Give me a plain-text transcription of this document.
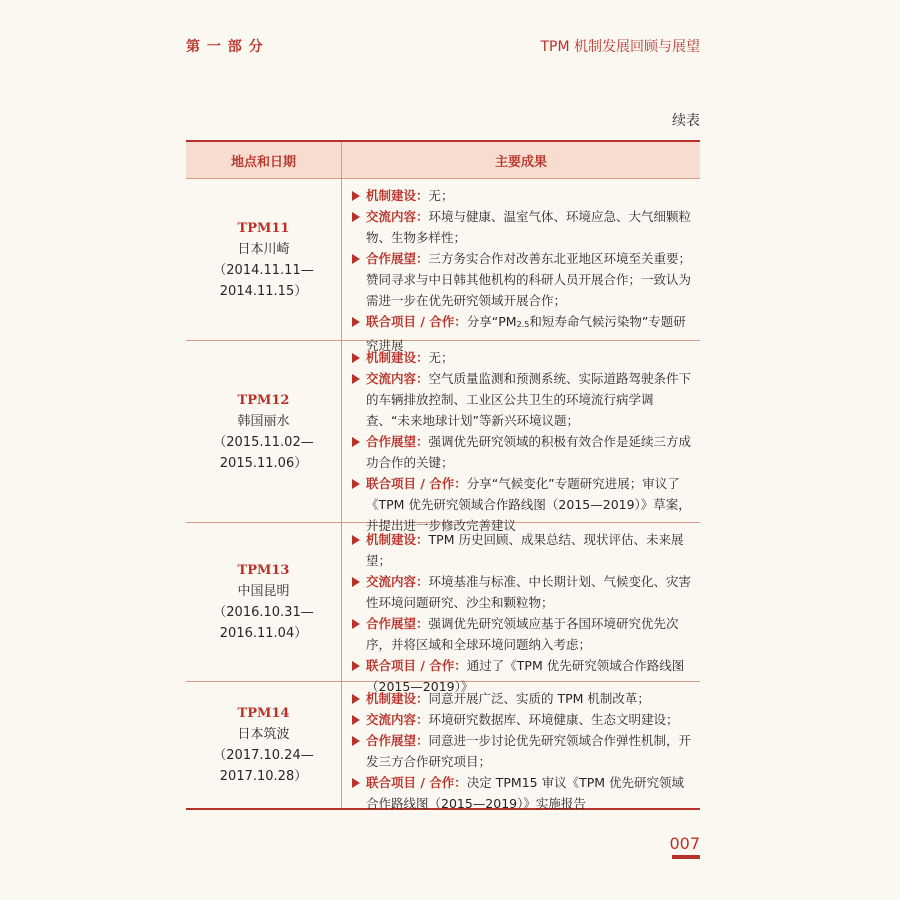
第 一 部 分	TPM 机制发展回顾与展望
续表
地点和日期	主要成果
TPM11
日本川崎
（2014.11.11—
2014.11.15）
机制建设：无；
交流内容：环境与健康、温室气体、环境应急、大气细颗粒物、生物多样性；
合作展望：三方务实合作对改善东北亚地区环境至关重要；赞同寻求与中日韩其他机构的科研人员开展合作；一致认为需进一步在优先研究领域开展合作；
联合项目 / 合作：分享“$PM_{2.5}$和短寿命气候污染物”专题研究进展
TPM12
韩国丽水
（2015.11.02—
2015.11.06）
机制建设：无；
交流内容：空气质量监测和预测系统、实际道路驾驶条件下的车辆排放控制、工业区公共卫生的环境流行病学调查、“未来地球计划”等新兴环境议题；
合作展望：强调优先研究领域的积极有效合作是延续三方成功合作的关键；
联合项目 / 合作：分享“气候变化”专题研究进展；审议了《TPM 优先研究领域合作路线图（2015—2019）》草案，并提出进一步修改完善建议
TPM13
中国昆明
（2016.10.31—
2016.11.04）
机制建设：TPM 历史回顾、成果总结、现状评估、未来展望；
交流内容：环境基准与标准、中长期计划、气候变化、灾害性环境问题研究、沙尘和颗粒物；
合作展望：强调优先研究领域应基于各国环境研究优先次序，并将区域和全球环境问题纳入考虑；
联合项目 / 合作：通过了《TPM 优先研究领域合作路线图（2015—2019）》
TPM14
日本筑波
（2017.10.24—
2017.10.28）
机制建设：同意开展广泛、实质的 TPM 机制改革；
交流内容：环境研究数据库、环境健康、生态文明建设；
合作展望：同意进一步讨论优先研究领域合作弹性机制，开发三方合作研究项目；
联合项目 / 合作：决定 TPM15 审议《TPM 优先研究领域合作路线图（2015—2019）》实施报告
007
